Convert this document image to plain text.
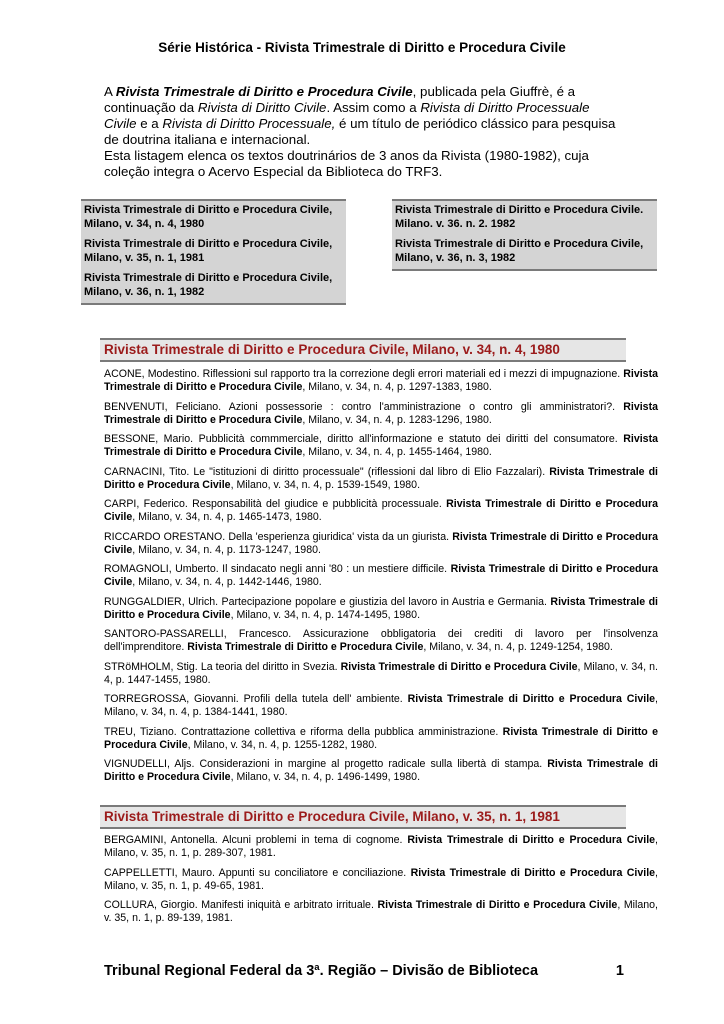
Série Histórica - Rivista Trimestrale di Diritto e Procedura Civile

A Rivista Trimestrale di Diritto e Procedura Civile, publicada pela Giuffrè, é a continuação da Rivista di Diritto Civile. Assim como a Rivista di Diritto Processuale Civile e a Rivista di Diritto Processuale, é um título de periódico clássico para pesquisa de doutrina italiana e internacional.

Esta listagem elenca os textos doutrinários de 3 anos da Rivista (1980-1982), cuja coleção integra o Acervo Especial da Biblioteca do TRF3.

Rivista Trimestrale di Diritto e Procedura Civile, Milano, v. 34, n. 4, 1980
Rivista Trimestrale di Diritto e Procedura Civile, Milano, v. 35, n. 1, 1981
Rivista Trimestrale di Diritto e Procedura Civile, Milano, v. 36, n. 1, 1982
Rivista Trimestrale di Diritto e Procedura Civile. Milano. v. 36. n. 2. 1982
Rivista Trimestrale di Diritto e Procedura Civile, Milano, v. 36, n. 3, 1982
Rivista Trimestrale di Diritto e Procedura Civile, Milano, v. 34, n. 4, 1980

ACONE, Modestino. Riflessioni sul rapporto tra la correzione degli errori materiali ed i mezzi di impugnazione. Rivista Trimestrale di Diritto e Procedura Civile, Milano, v. 34, n. 4, p. 1297-1383, 1980.

BENVENUTI, Feliciano. Azioni possessorie : contro l'amministrazione o contro gli amministratori?. Rivista Trimestrale di Diritto e Procedura Civile, Milano, v. 34, n. 4, p. 1283-1296, 1980.

BESSONE, Mario. Pubblicità commmerciale, diritto all'informazione e statuto dei diritti del consumatore. Rivista Trimestrale di Diritto e Procedura Civile, Milano, v. 34, n. 4, p. 1455-1464, 1980.

CARNACINI, Tito. Le "istituzioni di diritto processuale" (riflessioni dal libro di Elio Fazzalari). Rivista Trimestrale di Diritto e Procedura Civile, Milano, v. 34, n. 4, p. 1539-1549, 1980.

CARPI, Federico. Responsabilità del giudice e pubblicità processuale. Rivista Trimestrale di Diritto e Procedura Civile, Milano, v. 34, n. 4, p. 1465-1473, 1980.

RICCARDO ORESTANO. Della 'esperienza giuridica' vista da un giurista. Rivista Trimestrale di Diritto e Procedura Civile, Milano, v. 34, n. 4, p. 1173-1247, 1980.

ROMAGNOLI, Umberto. Il sindacato negli anni '80 : un mestiere difficile. Rivista Trimestrale di Diritto e Procedura Civile, Milano, v. 34, n. 4, p. 1442-1446, 1980.

RUNGGALDIER, Ulrich. Partecipazione popolare e giustizia del lavoro in Austria e Germania. Rivista Trimestrale di Diritto e Procedura Civile, Milano, v. 34, n. 4, p. 1474-1495, 1980.

SANTORO-PASSARELLI, Francesco. Assicurazione obbligatoria dei crediti di lavoro per l'insolvenza dell'imprenditore. Rivista Trimestrale di Diritto e Procedura Civile, Milano, v. 34, n. 4, p. 1249-1254, 1980.

STRöMHOLM, Stig. La teoria del diritto in Svezia. Rivista Trimestrale di Diritto e Procedura Civile, Milano, v. 34, n. 4, p. 1447-1455, 1980.

TORREGROSSA, Giovanni. Profili della tutela dell' ambiente. Rivista Trimestrale di Diritto e Procedura Civile, Milano, v. 34, n. 4, p. 1384-1441, 1980.

TREU, Tiziano. Contrattazione collettiva e riforma della pubblica amministrazione. Rivista Trimestrale di Diritto e Procedura Civile, Milano, v. 34, n. 4, p. 1255-1282, 1980.

VIGNUDELLI, Aljs. Considerazioni in margine al progetto radicale sulla libertà di stampa. Rivista Trimestrale di Diritto e Procedura Civile, Milano, v. 34, n. 4, p. 1496-1499, 1980.

Rivista Trimestrale di Diritto e Procedura Civile, Milano, v. 35, n. 1, 1981

BERGAMINI, Antonella. Alcuni problemi in tema di cognome. Rivista Trimestrale di Diritto e Procedura Civile, Milano, v. 35, n. 1, p. 289-307, 1981.

CAPPELLETTI, Mauro. Appunti su conciliatore e conciliazione. Rivista Trimestrale di Diritto e Procedura Civile, Milano, v. 35, n. 1, p. 49-65, 1981.

COLLURA, Giorgio. Manifesti iniquità e arbitrato irrituale. Rivista Trimestrale di Diritto e Procedura Civile, Milano, v. 35, n. 1, p. 89-139, 1981.

Tribunal Regional Federal da 3ª. Região – Divisão de Biblioteca	1
